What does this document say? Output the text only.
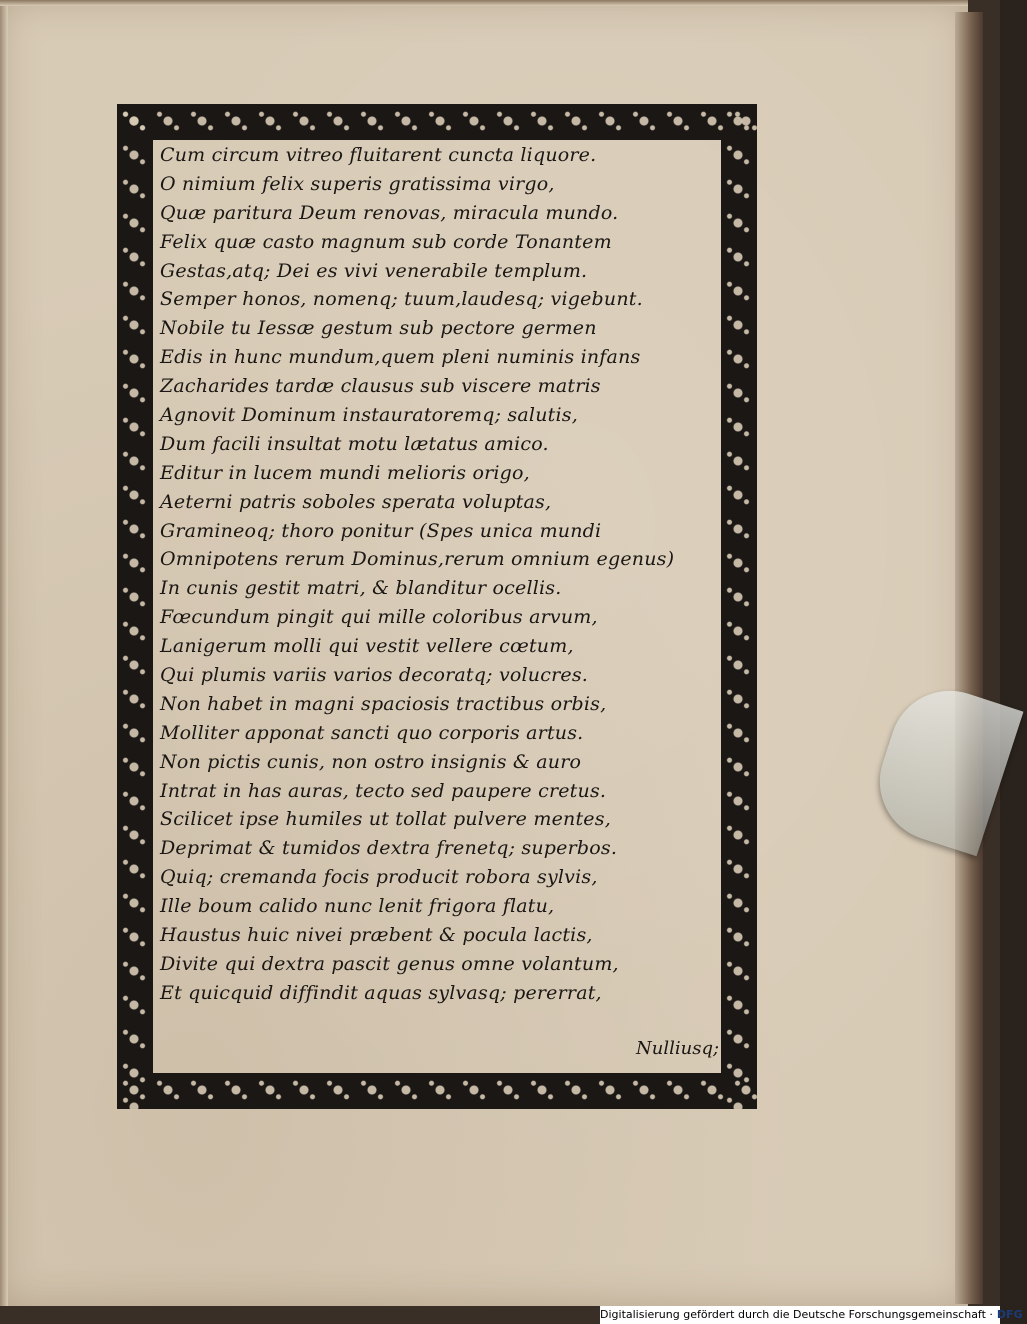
Cum circum vitreo fluitarent cuncta liquore.
O nimium felix superis gratissima virgo,
Quæ paritura Deum renovas, miracula mundo.
Felix quæ casto magnum sub corde Tonantem
Gestas,atq; Dei es vivi venerabile templum.
Semper honos, nomenq; tuum,laudesq; vigebunt.
Nobile tu Iessæ gestum sub pectore germen
Edis in hunc mundum,quem pleni numinis infans
Zacharides tardæ clausus sub viscere matris
Agnovit Dominum instauratoremq; salutis,
Dum facili insultat motu lætatus amico.
Editur in lucem mundi melioris origo,
Aeterni patris soboles sperata voluptas,
Gramineoq; thoro ponitur (Spes unica mundi
Omnipotens rerum Dominus,rerum omnium egenus)
In cunis gestit matri, & blanditur ocellis.
Fœcundum pingit qui mille coloribus arvum,
Lanigerum molli qui vestit vellere cœtum,
Qui plumis variis varios decoratq; volucres.
Non habet in magni spaciosis tractibus orbis,
Molliter apponat sancti quo corporis artus.
Non pictis cunis, non ostro insignis & auro
Intrat in has auras, tecto sed paupere cretus.
Scilicet ipse humiles ut tollat pulvere mentes,
Deprimat & tumidos dextra frenetq; superbos.
Quiq; cremanda focis producit robora sylvis,
Ille boum calido nunc lenit frigora flatu,
Haustus huic nivei præbent & pocula lactis,
Divite qui dextra pascit genus omne volantum,
Et quicquid diffindit aquas sylvasq; pererrat,
Nulliusq;
Digitalisierung gefördert durch die Deutsche Forschungsgemeinschaft · DFG
